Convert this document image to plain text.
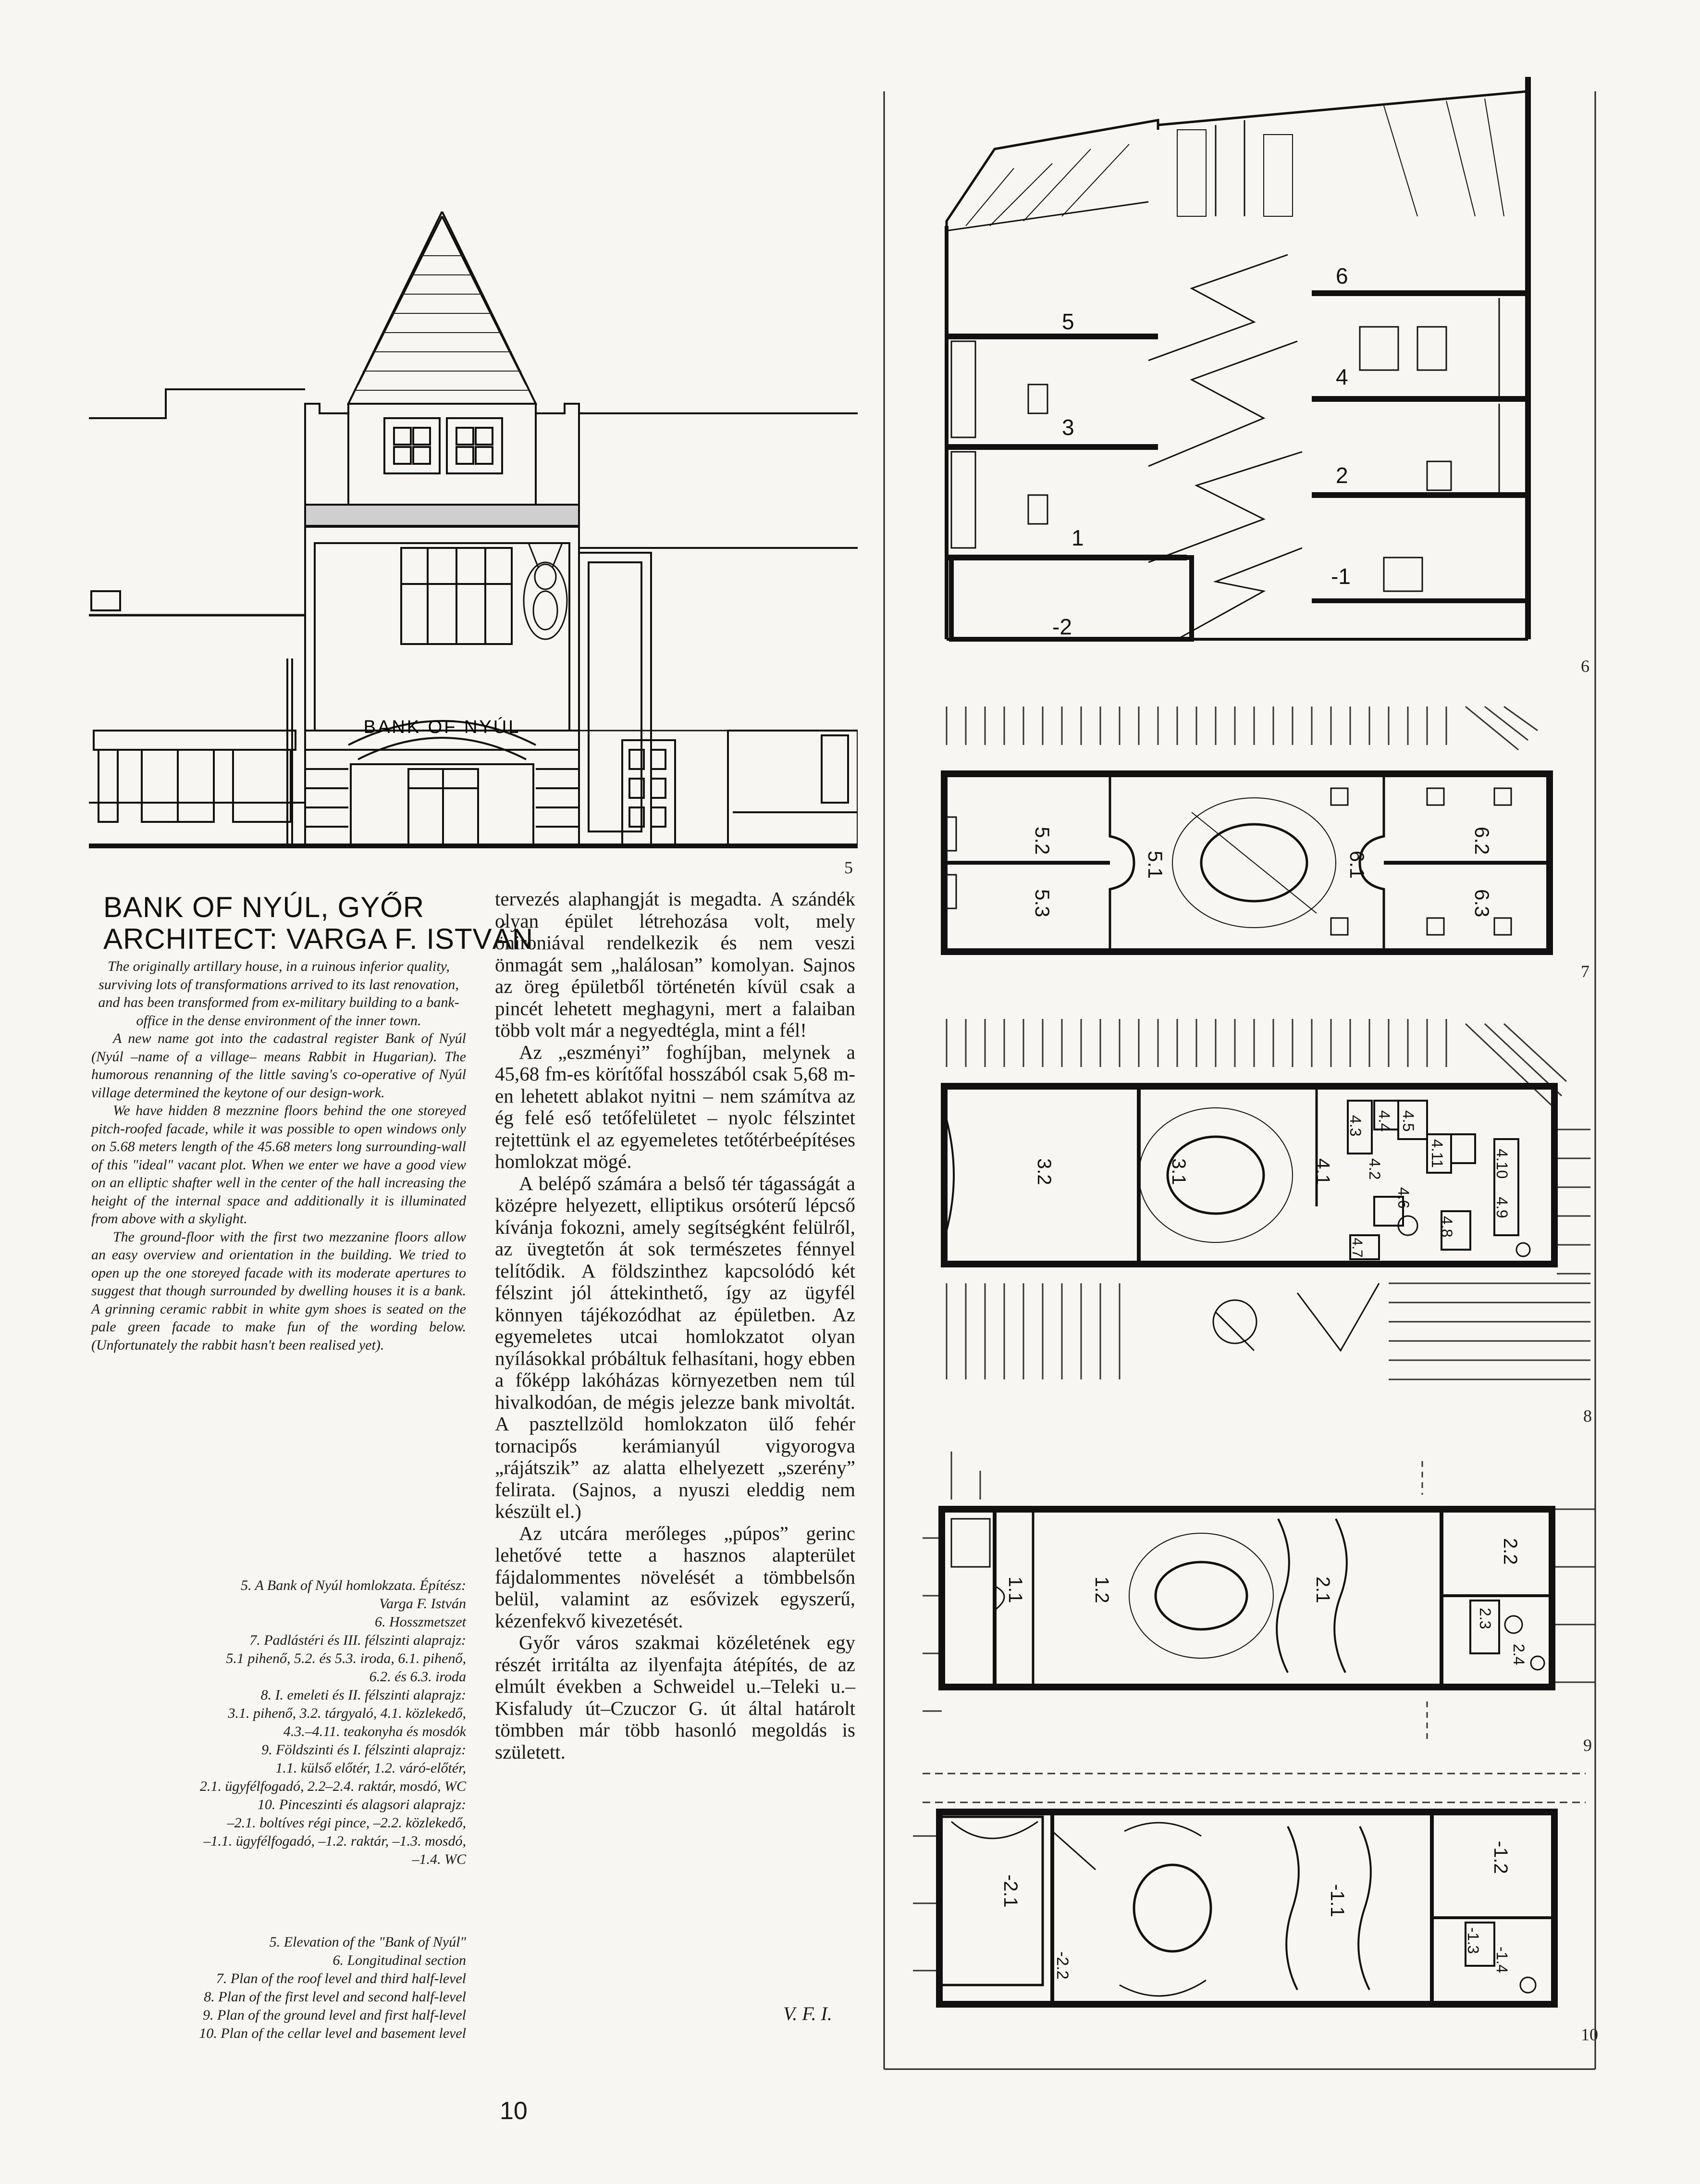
BANK OF NYÚL
5
6
5
4
3
2
1
-1
-2
6
5.2
5.3
5.1	6.1
6.2
6.3
7
3.2	3.1	4.1
4.3 4.4
4.2
4.5
4.11	4.10
4.9
4.6
4.8
4.7
8
1.1	1.2	2.1
2.2
2.3
2.4
9
-2.1
-2.2
-1.1
-1.2
-1.3
-1.4
10
BANK OF NYÚL, GYŐR
ARCHITECT: VARGA F. ISTVÁN

The originally artillary house, in a ruinous inferior quality, surviving lots of transformations arrived to its last renovation, and has been transformed from ex-military building to a bank-office in the dense environment of the inner town.

A new name got into the cadastral register Bank of Nyúl (Nyúl –name of a village– means Rabbit in Hugarian). The humorous renanning of the little saving's co-operative of Nyúl village determined the keytone of our design-work.

We have hidden 8 mezznine floors behind the one storeyed pitch-roofed facade, while it was possible to open windows only on 5.68 meters length of the 45.68 meters long surrounding-wall of this "ideal" vacant plot. When we enter we have a good view on an elliptic shafter well in the center of the hall increasing the height of the internal space and additionally it is illuminated from above with a skylight.

The ground-floor with the first two mezzanine floors allow an easy overview and orientation in the building. We tried to open up the one storeyed facade with its moderate apertures to suggest that though surrounded by dwelling houses it is a bank. A grinning ceramic rabbit in white gym shoes is seated on the pale green facade to make fun of the wording below. (Unfortunately the rabbit hasn't been realised yet).

5. A Bank of Nyúl homlokzata. Építész:
Varga F. István
6. Hosszmetszet
7. Padlástéri és III. félszinti alaprajz:
5.1 pihenő, 5.2. és 5.3. iroda, 6.1. pihenő,
6.2. és 6.3. iroda
8. I. emeleti és II. félszinti alaprajz:
3.1. pihenő, 3.2. tárgyaló, 4.1. közlekedő,
4.3.–4.11. teakonyha és mosdók
9. Földszinti és I. félszinti alaprajz:
1.1. külső előtér, 1.2. váró-előtér,
2.1. ügyfélfogadó, 2.2–2.4. raktár, mosdó, WC
10. Pinceszinti és alagsori alaprajz:
–2.1. boltíves régi pince, –2.2. közlekedő,
–1.1. ügyfélfogadó, –1.2. raktár, –1.3. mosdó,
–1.4. WC
5. Elevation of the "Bank of Nyúl"
6. Longitudinal section
7. Plan of the roof level and third half-level
8. Plan of the first level and second half-level
9. Plan of the ground level and first half-level
10. Plan of the cellar level and basement level

tervezés alaphangját is megadta. A szándék olyan épület létrehozása volt, mely önironiával rendelkezik és nem veszi önmagát sem „halálosan” komolyan. Sajnos az öreg épületből történetén kívül csak a pincét lehetett meghagyni, mert a falaiban több volt már a negyedtégla, mint a fél!

Az „eszményi” foghíjban, melynek a 45,68 fm-es körítőfal hosszából csak 5,68 m-en lehetett ablakot nyitni – nem számítva az ég felé eső tetőfelületet – nyolc félszintet rejtettünk el az egyemeletes tetőtérbeépítéses homlokzat mögé.

A belépő számára a belső tér tágasságát a középre helyezett, elliptikus orsóterű lépcső kívánja fokozni, amely segítségként felülről, az üvegtetőn át sok természetes fénnyel telítődik. A földszinthez kapcsolódó két félszint jól áttekinthető, így az ügyfél könnyen tájékozódhat az épületben. Az egyemeletes utcai homlokzatot olyan nyílásokkal próbáltuk felhasítani, hogy ebben a főképp lakóházas környezetben nem túl hivalkodóan, de mégis jelezze bank mivoltát. A pasztellzöld homlokzaton ülő fehér tornacipős kerámianyúl vigyorogva „rájátszik” az alatta elhelyezett „szerény” felirata. (Sajnos, a nyuszi eleddig nem készült el.)

Az utcára merőleges „púpos” gerinc lehetővé tette a hasznos alapterület fájdalommentes növelését a tömbbelsőn belül, valamint az esővizek egyszerű, kézenfekvő kivezetését.

Győr város szakmai közéletének egy részét irritálta az ilyenfajta átépítés, de az elmúlt években a Schweidel u.–Teleki u.–Kisfaludy út–Czuczor G. út által határolt tömbben már több hasonló megoldás is született.

V. F. I.
10
